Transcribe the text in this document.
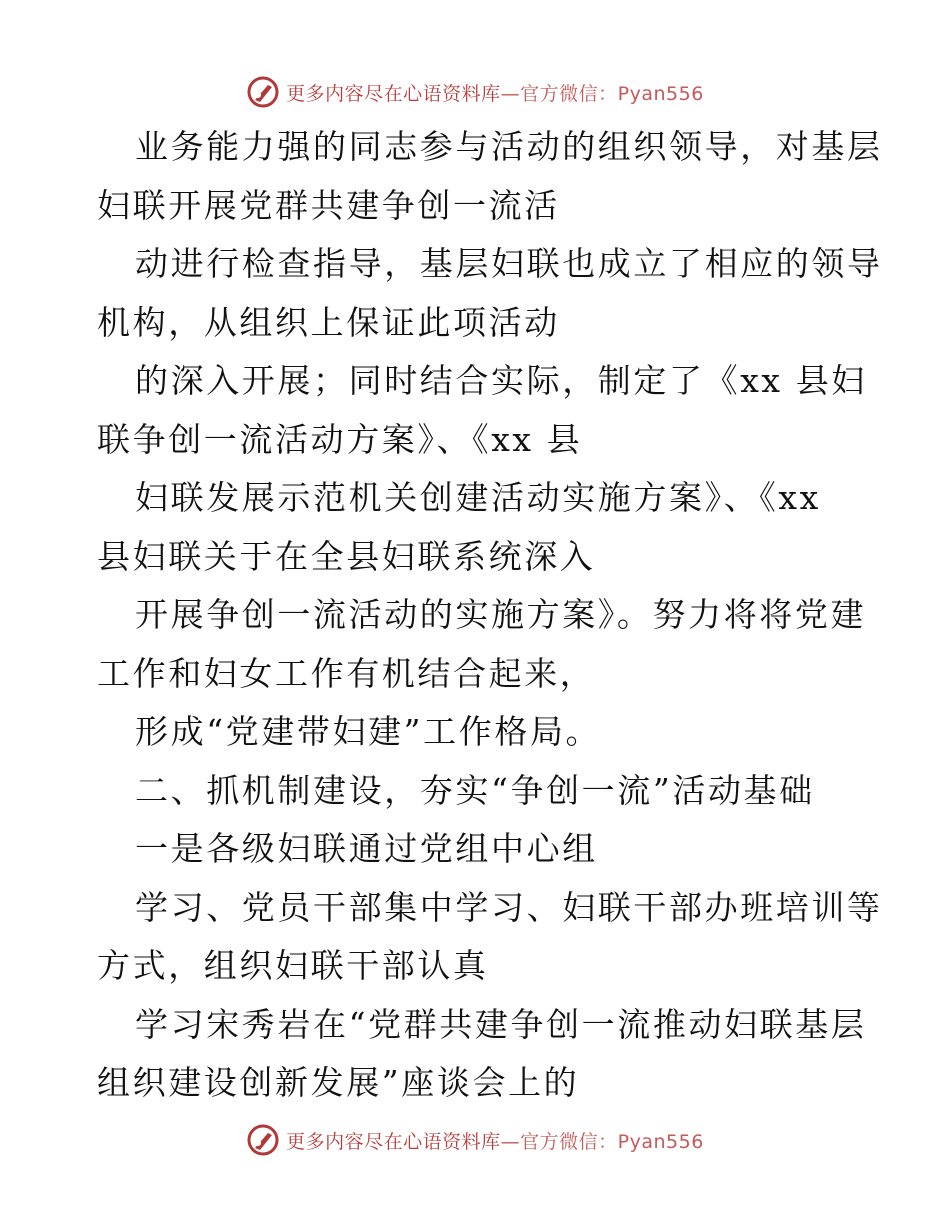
更多内容尽在心语资料库—官方微信：Pyan556
业务能力强的同志参与活动的组织领导，对基层
妇联开展党群共建争创一流活
动进行检查指导，基层妇联也成立了相应的领导
机构，从组织上保证此项活动
的深入开展；同时结合实际，制定了《xx 县妇
联争创一流活动方案》、《xx 县
妇联发展示范机关创建活动实施方案》、《xx
县妇联关于在全县妇联系统深入
开展争创一流活动的实施方案》。努力将将党建
工作和妇女工作有机结合起来，
形成“党建带妇建”工作格局。
二、抓机制建设，夯实“争创一流”活动基础
一是各级妇联通过党组中心组
学习、党员干部集中学习、妇联干部办班培训等
方式，组织妇联干部认真
学习宋秀岩在“党群共建争创一流推动妇联基层
组织建设创新发展”座谈会上的
更多内容尽在心语资料库—官方微信：Pyan556
